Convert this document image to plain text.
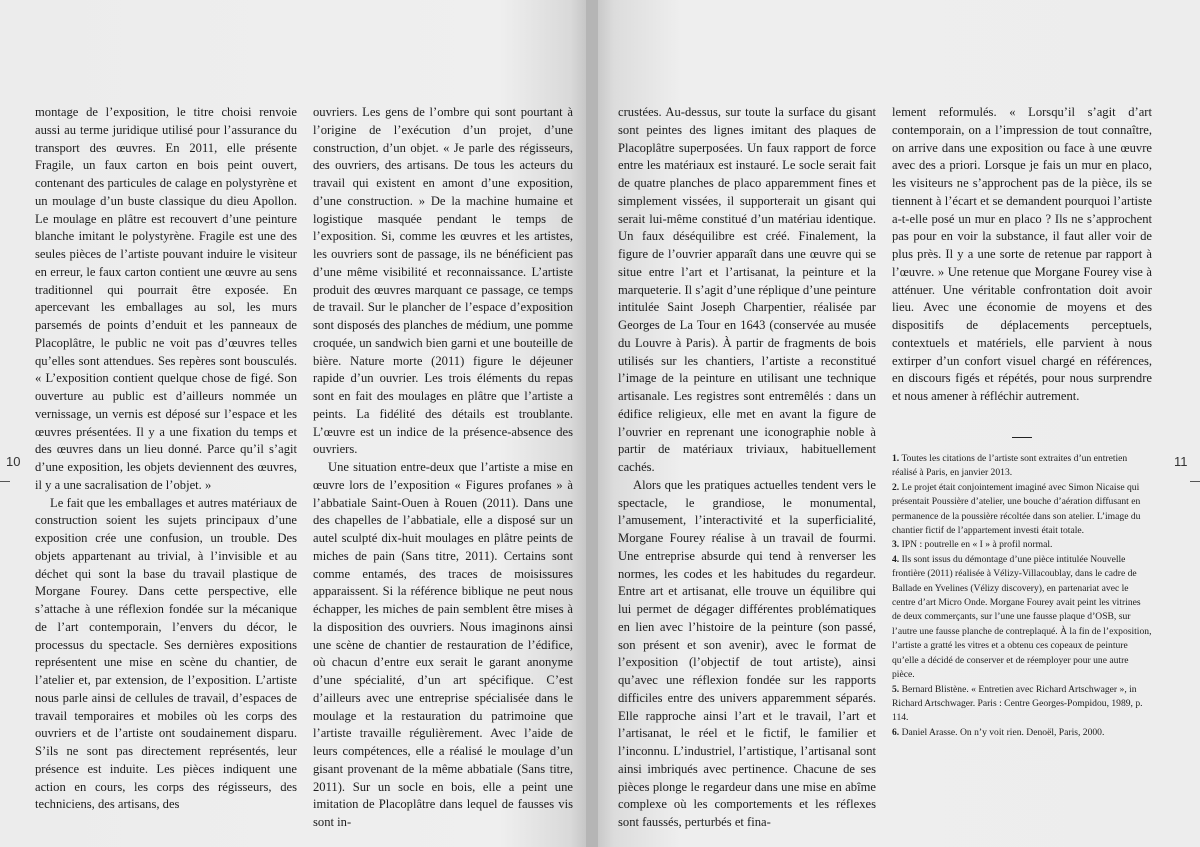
montage de l’exposition, le titre choisi renvoie aussi au terme juridique utilisé pour l’assurance du transport des œuvres. En 2011, elle présente Fragile, un faux carton en bois peint ouvert, contenant des particules de calage en polystyrène et un moulage d’un buste classique du dieu Apollon. Le moulage en plâtre est recouvert d’une peinture blanche imitant le polystyrène. Fragile est une des seules pièces de l’artiste pouvant induire le visiteur en erreur, le faux carton contient une œuvre au sens traditionnel qui pourrait être exposée. En apercevant les emballages au sol, les murs parsemés de points d’enduit et les panneaux de Placoplâtre, le public ne voit pas d’œuvres telles qu’elles sont attendues. Ses repères sont bousculés. « L’exposition contient quelque chose de figé. Son ouverture au public est d’ailleurs nommée un vernissage, un vernis est déposé sur l’espace et les œuvres présentées. Il y a une fixation du temps et des œuvres dans un lieu donné. Parce qu’il s’agit d’une exposition, les objets deviennent des œuvres, il y a une sacralisation de l’objet. »

Le fait que les emballages et autres matériaux de construction soient les sujets principaux d’une exposition crée une confusion, un trouble. Des objets appartenant au trivial, à l’invisible et au déchet qui sont la base du travail plastique de Morgane Fourey. Dans cette perspective, elle s’attache à une réflexion fondée sur la mécanique de l’art contemporain, l’envers du décor, le processus du spectacle. Ses dernières expositions représentent une mise en scène du chantier, de l’atelier et, par extension, de l’exposition. L’artiste nous parle ainsi de cellules de travail, d’espaces de travail temporaires et mobiles où les corps des ouvriers et de l’artiste ont soudainement disparu. S’ils ne sont pas directement représentés, leur présence est induite. Les pièces indiquent une action en cours, les corps des régisseurs, des techniciens, des artisans, des

ouvriers. Les gens de l’ombre qui sont pourtant à l’origine de l’exécution d’un projet, d’une construction, d’un objet. « Je parle des régisseurs, des ouvriers, des artisans. De tous les acteurs du travail qui existent en amont d’une exposition, d’une construction. » De la machine humaine et logistique masquée pendant le temps de l’exposition. Si, comme les œuvres et les artistes, les ouvriers sont de passage, ils ne bénéficient pas d’une même visibilité et reconnaissance. L’artiste produit des œuvres marquant ce passage, ce temps de travail. Sur le plancher de l’espace d’exposition sont disposés des planches de médium, une pomme croquée, un sandwich bien garni et une bouteille de bière. Nature morte (2011) figure le déjeuner rapide d’un ouvrier. Les trois éléments du repas sont en fait des moulages en plâtre que l’artiste a peints. La fidélité des détails est troublante. L’œuvre est un indice de la présence-absence des ouvriers.

Une situation entre-deux que l’artiste a mise en œuvre lors de l’exposition « Figures profanes » à l’abbatiale Saint-Ouen à Rouen (2011). Dans une des chapelles de l’abbatiale, elle a disposé sur un autel sculpté dix-huit moulages en plâtre peints de miches de pain (Sans titre, 2011). Certains sont comme entamés, des traces de moisissures apparaissent. Si la référence biblique ne peut nous échapper, les miches de pain semblent être mises à la disposition des ouvriers. Nous imaginons ainsi une scène de chantier de restauration de l’édifice, où chacun d’entre eux serait le garant anonyme d’une spécialité, d’un art spécifique. C’est d’ailleurs avec une entreprise spécialisée dans le moulage et la restauration du patrimoine que l’artiste travaille régulièrement. Avec l’aide de leurs compétences, elle a réalisé le moulage d’un gisant provenant de la même abbatiale (Sans titre, 2011). Sur un socle en bois, elle a peint une imitation de Placoplâtre dans lequel de fausses vis sont in-

crustées. Au-dessus, sur toute la surface du gisant sont peintes des lignes imitant des plaques de Placoplâtre superposées. Un faux rapport de force entre les matériaux est instauré. Le socle serait fait de quatre planches de placo apparemment fines et simplement vissées, il supporterait un gisant qui serait lui-même constitué d’un matériau identique. Un faux déséquilibre est créé. Finalement, la figure de l’ouvrier apparaît dans une œuvre qui se situe entre l’art et l’artisanat, la peinture et la marqueterie. Il s’agit d’une réplique d’une peinture intitulée Saint Joseph Charpentier, réalisée par Georges de La Tour en 1643 (conservée au musée du Louvre à Paris). À partir de fragments de bois utilisés sur les chantiers, l’artiste a reconstitué l’image de la peinture en utilisant une technique artisanale. Les registres sont entremêlés : dans un édifice religieux, elle met en avant la figure de l’ouvrier en reprenant une iconographie noble à partir de matériaux triviaux, habituellement cachés.

Alors que les pratiques actuelles tendent vers le spectacle, le grandiose, le monumental, l’amusement, l’interactivité et la superficialité, Morgane Fourey réalise à un travail de fourmi. Une entreprise absurde qui tend à renverser les normes, les codes et les habitudes du regardeur. Entre art et artisanat, elle trouve un équilibre qui lui permet de dégager différentes problématiques en lien avec l’histoire de la peinture (son passé, son présent et son avenir), avec le format de l’exposition (l’objectif de tout artiste), ainsi qu’avec une réflexion fondée sur les rapports difficiles entre des univers apparemment séparés. Elle rapproche ainsi l’art et le travail, l’art et l’artisanat, le réel et le fictif, le familier et l’inconnu. L’industriel, l’artistique, l’artisanal sont ainsi imbriqués avec pertinence. Chacune de ses pièces plonge le regardeur dans une mise en abîme complexe où les comportements et les réflexes sont faussés, perturbés et fina-

lement reformulés. « Lorsqu’il s’agit d’art contemporain, on a l’impression de tout connaître, on arrive dans une exposition ou face à une œuvre avec des a priori. Lorsque je fais un mur en placo, les visiteurs ne s’approchent pas de la pièce, ils se tiennent à l’écart et se demandent pourquoi l’artiste a-t-elle posé un mur en placo ? Ils ne s’approchent pas pour en voir la substance, il faut aller voir de plus près. Il y a une sorte de retenue par rapport à l’œuvre. » Une retenue que Morgane Fourey vise à atténuer. Une véritable confrontation doit avoir lieu. Avec une économie de moyens et des dispositifs de déplacements perceptuels, contextuels et matériels, elle parvient à nous extirper d’un confort visuel chargé en références, en discours figés et répétés, pour nous surprendre et nous amener à réfléchir autrement.

1. Toutes les citations de l’artiste sont extraites d’un entretien réalisé à Paris, en janvier 2013.

2. Le projet était conjointement imaginé avec Simon Nicaise qui présentait Poussière d’atelier, une bouche d’aération diffusant en permanence de la poussière récoltée dans son atelier. L’image du chantier fictif de l’appartement investi était totale.

3. IPN : poutrelle en « I » à profil normal.

4. Ils sont issus du démontage d’une pièce intitulée Nouvelle frontière (2011) réalisée à Vélizy-Villacoublay, dans le cadre de Ballade en Yvelines (Vélizy discovery), en partenariat avec le centre d’art Micro Onde. Morgane Fourey avait peint les vitrines de deux commerçants, sur l’une une fausse plaque d’OSB, sur l’autre une fausse planche de contreplaqué. À la fin de l’exposition, l’artiste a gratté les vitres et a obtenu ces copeaux de peinture qu’elle a décidé de conserver et de réemployer pour une autre pièce.

5. Bernard Blistène. « Entretien avec Richard Artschwager », in Richard Artschwager. Paris : Centre Georges-Pompidou, 1989, p. 114.

6. Daniel Arasse. On n’y voit rien. Denoël, Paris, 2000.

10	11
